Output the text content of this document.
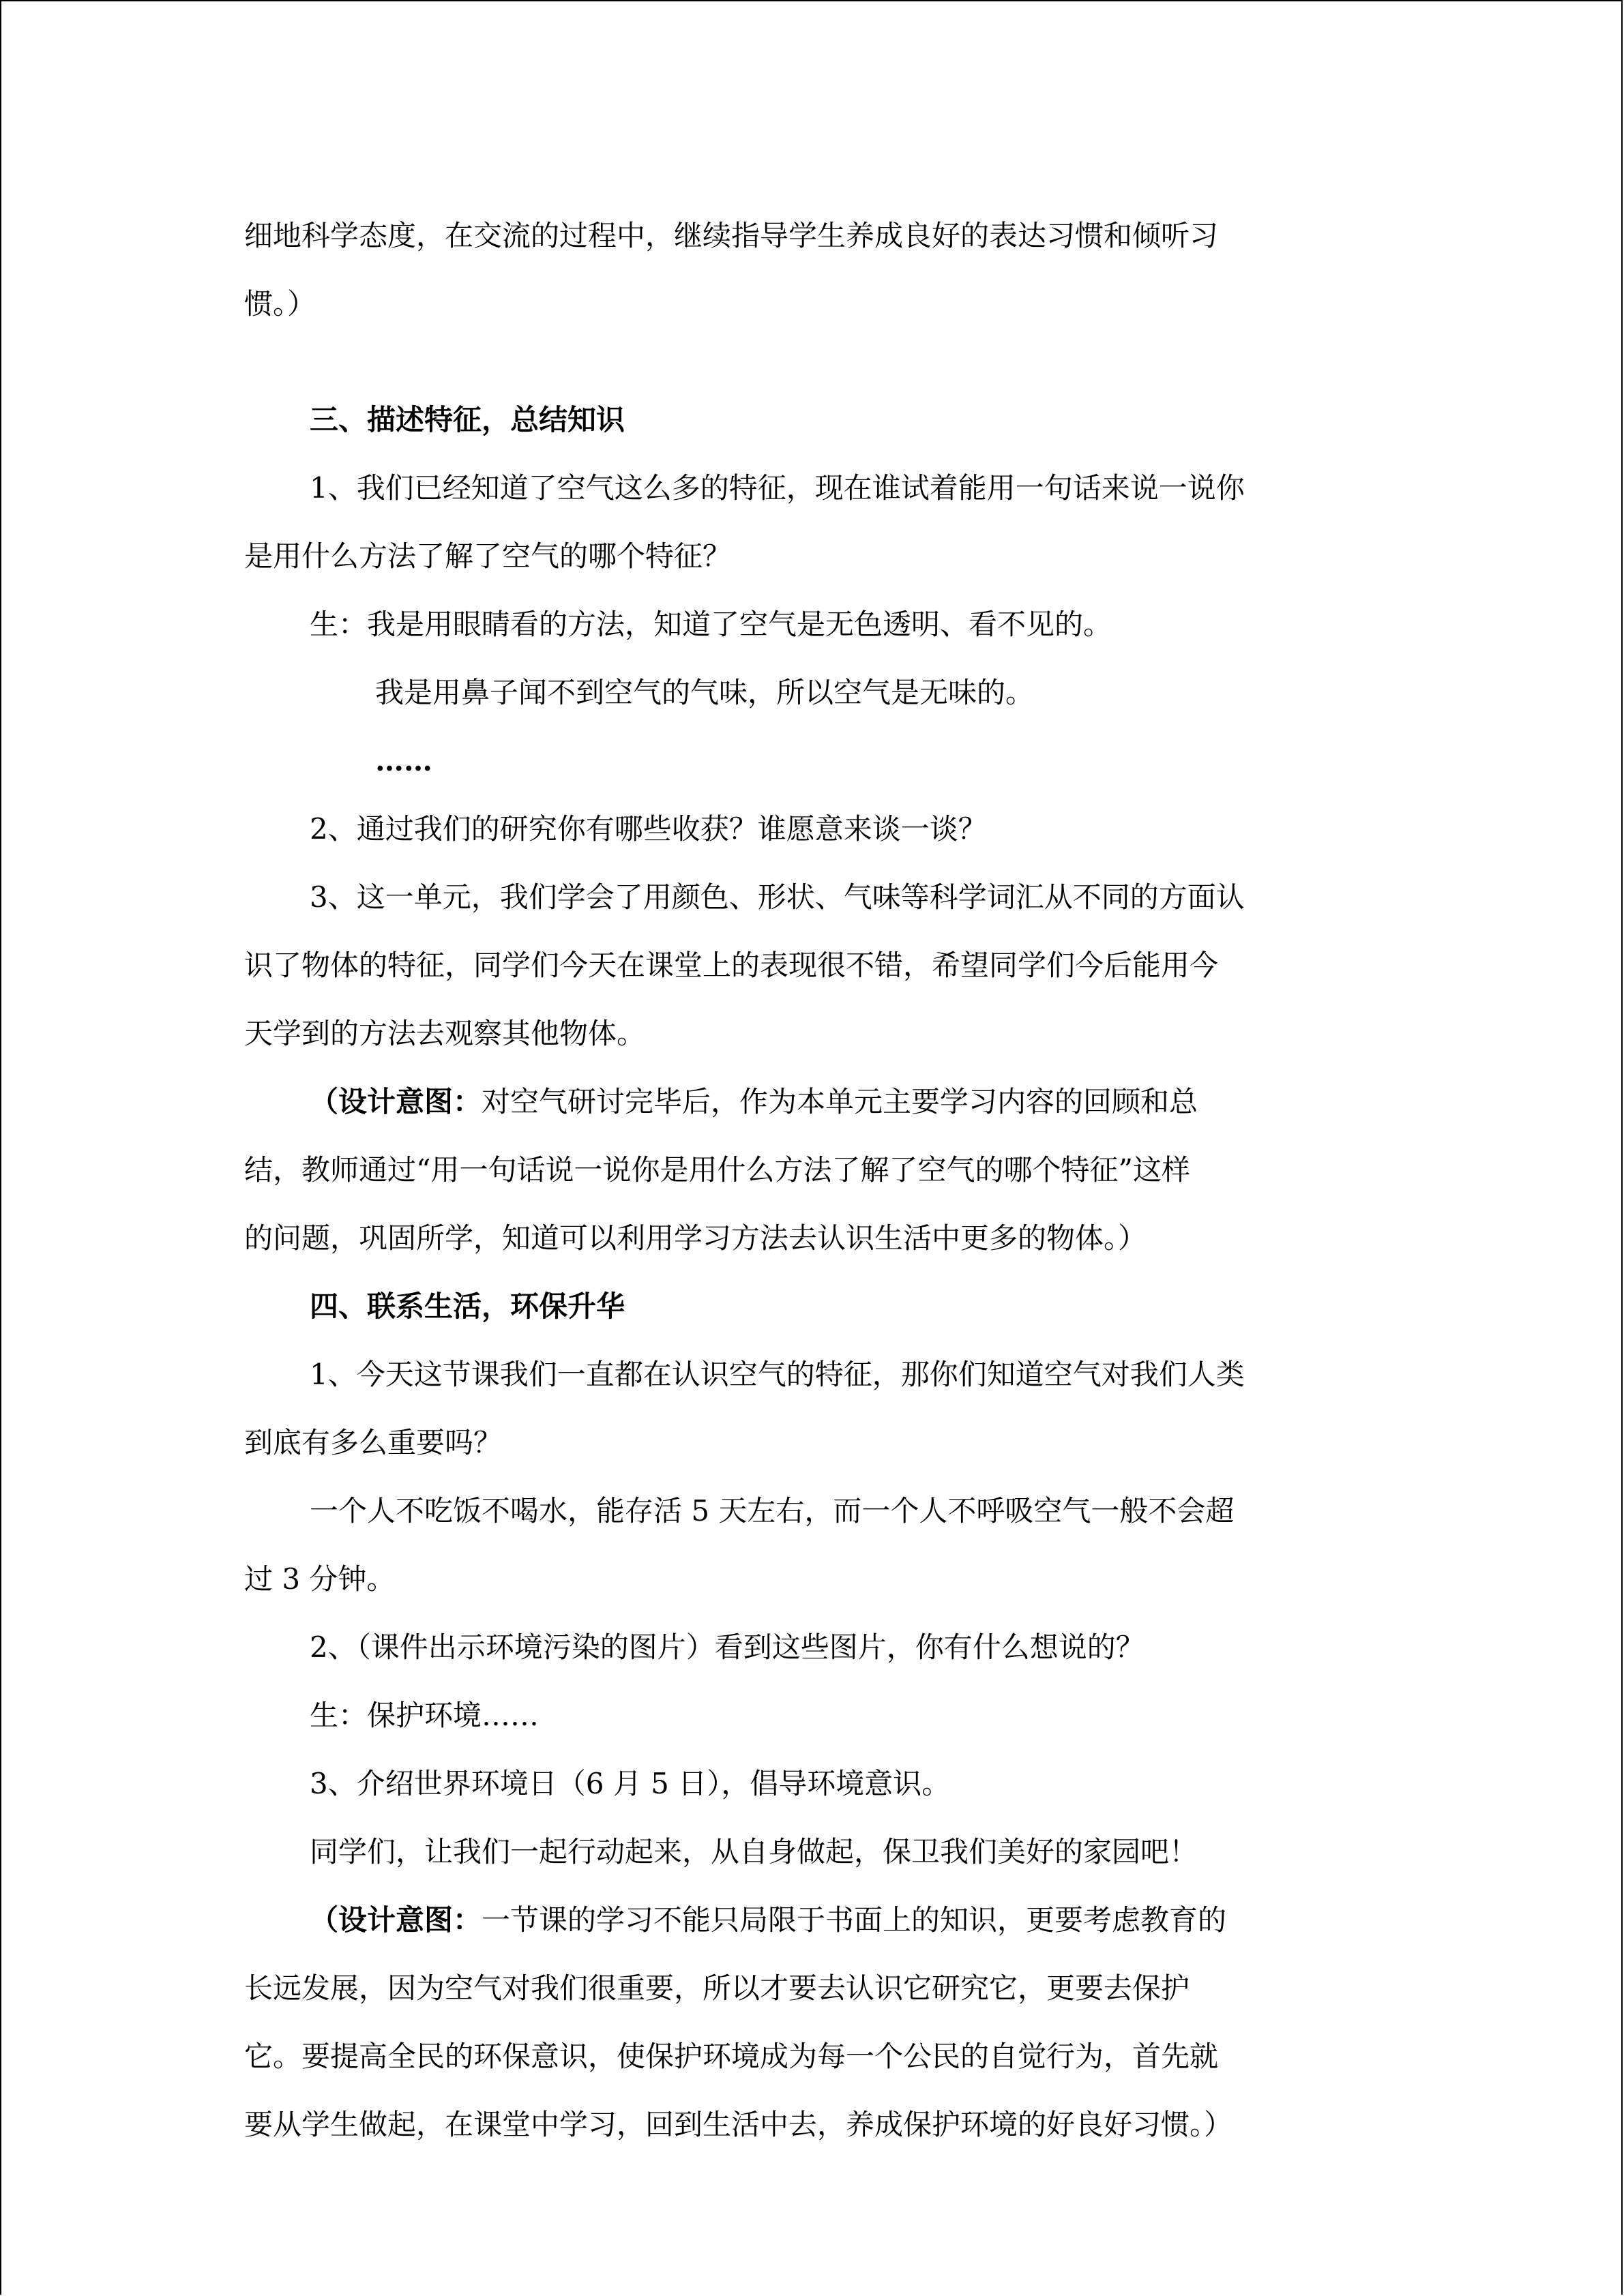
细地科学态度，在交流的过程中，继续指导学生养成良好的表达习惯和倾听习
惯。）
三、描述特征，总结知识
1、我们已经知道了空气这么多的特征，现在谁试着能用一句话来说一说你
是用什么方法了解了空气的哪个特征？
生：我是用眼睛看的方法，知道了空气是无色透明、看不见的。
我是用鼻子闻不到空气的气味，所以空气是无味的。
……
2、通过我们的研究你有哪些收获？谁愿意来谈一谈？
3、这一单元，我们学会了用颜色、形状、气味等科学词汇从不同的方面认
识了物体的特征，同学们今天在课堂上的表现很不错，希望同学们今后能用今
天学到的方法去观察其他物体。
（设计意图：对空气研讨完毕后，作为本单元主要学习内容的回顾和总
结，教师通过“用一句话说一说你是用什么方法了解了空气的哪个特征”这样
的问题，巩固所学，知道可以利用学习方法去认识生活中更多的物体。）
四、联系生活，环保升华
1、今天这节课我们一直都在认识空气的特征，那你们知道空气对我们人类
到底有多么重要吗？
一个人不吃饭不喝水，能存活 5 天左右，而一个人不呼吸空气一般不会超
过 3 分钟。
2、（课件出示环境污染的图片）看到这些图片，你有什么想说的？
生：保护环境……
3、介绍世界环境日（6 月 5 日），倡导环境意识。
同学们，让我们一起行动起来，从自身做起，保卫我们美好的家园吧！
（设计意图：一节课的学习不能只局限于书面上的知识，更要考虑教育的
长远发展，因为空气对我们很重要，所以才要去认识它研究它，更要去保护
它。要提高全民的环保意识，使保护环境成为每一个公民的自觉行为，首先就
要从学生做起，在课堂中学习，回到生活中去，养成保护环境的好良好习惯。）
